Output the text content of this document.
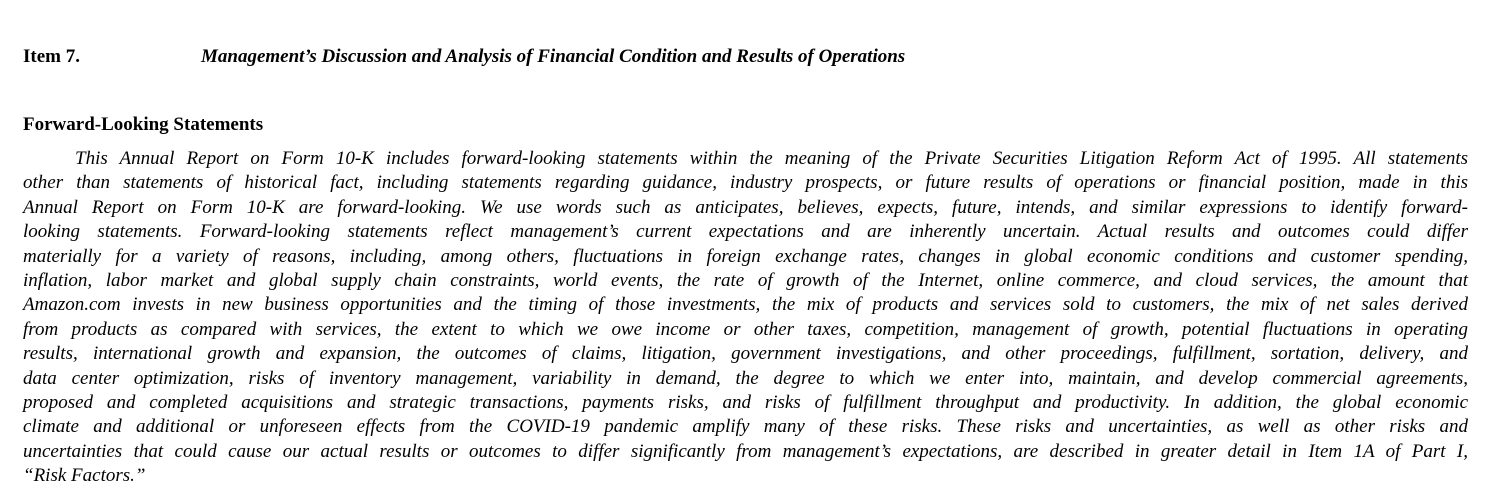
Item 7.	Management’s Discussion and Analysis of Financial Condition and Results of Operations
Forward-Looking Statements

This Annual Report on Form 10-K includes forward-looking statements within the meaning of the Private Securities Litigation Reform Act of 1995. All statements
other than statements of historical fact, including statements regarding guidance, industry prospects, or future results of operations or financial position, made in this
Annual Report on Form 10-K are forward-looking. We use words such as anticipates, believes, expects, future, intends, and similar expressions to identify forward-
looking statements. Forward-looking statements reflect management’s current expectations and are inherently uncertain. Actual results and outcomes could differ
materially for a variety of reasons, including, among others, fluctuations in foreign exchange rates, changes in global economic conditions and customer spending,
inflation, labor market and global supply chain constraints, world events, the rate of growth of the Internet, online commerce, and cloud services, the amount that
Amazon.com invests in new business opportunities and the timing of those investments, the mix of products and services sold to customers, the mix of net sales derived
from products as compared with services, the extent to which we owe income or other taxes, competition, management of growth, potential fluctuations in operating
results, international growth and expansion, the outcomes of claims, litigation, government investigations, and other proceedings, fulfillment, sortation, delivery, and
data center optimization, risks of inventory management, variability in demand, the degree to which we enter into, maintain, and develop commercial agreements,
proposed and completed acquisitions and strategic transactions, payments risks, and risks of fulfillment throughput and productivity. In addition, the global economic
climate and additional or unforeseen effects from the COVID-19 pandemic amplify many of these risks. These risks and uncertainties, as well as other risks and
uncertainties that could cause our actual results or outcomes to differ significantly from management’s expectations, are described in greater detail in Item 1A of Part I,
“Risk Factors.”
